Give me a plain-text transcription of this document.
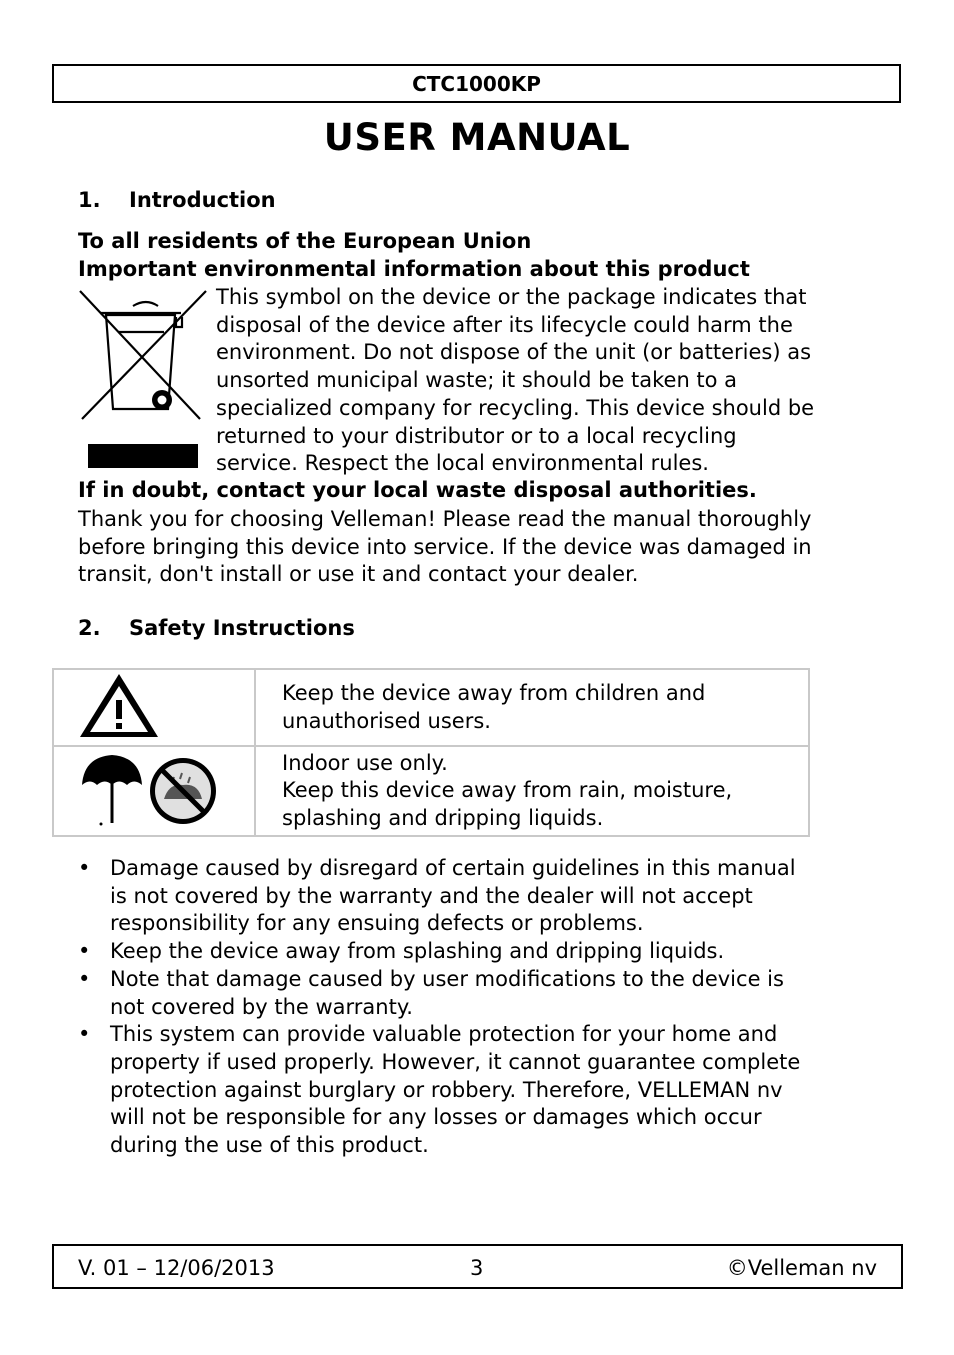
CTC1000KP
USER MANUAL
1. Introduction
To all residents of the European Union
Important environmental information about this product
This symbol on the device or the package indicates that
disposal of the device after its lifecycle could harm the
environment. Do not dispose of the unit (or batteries) as
unsorted municipal waste; it should be taken to a
specialized company for recycling. This device should be
returned to your distributor or to a local recycling
service. Respect the local environmental rules.
If in doubt, contact your local waste disposal authorities.
Thank you for choosing Velleman! Please read the manual thoroughly
before bringing this device into service. If the device was damaged in
transit, don't install or use it and contact your dealer.
2. Safety Instructions

Keep the device away from children and
unauthorised users.

Indoor use only.
Keep this device away from rain, moisture,
splashing and dripping liquids.
• Damage caused by disregard of certain guidelines in this manual
is not covered by the warranty and the dealer will not accept
responsibility for any ensuing defects or problems.
• Keep the device away from splashing and dripping liquids.
• Note that damage caused by user modifications to the device is
not covered by the warranty.
• This system can provide valuable protection for your home and
property if used properly. However, it cannot guarantee complete
protection against burglary or robbery. Therefore, VELLEMAN nv
will not be responsible for any losses or damages which occur
during the use of this product.
V. 01 – 12/06/2013	3	©Velleman nv
